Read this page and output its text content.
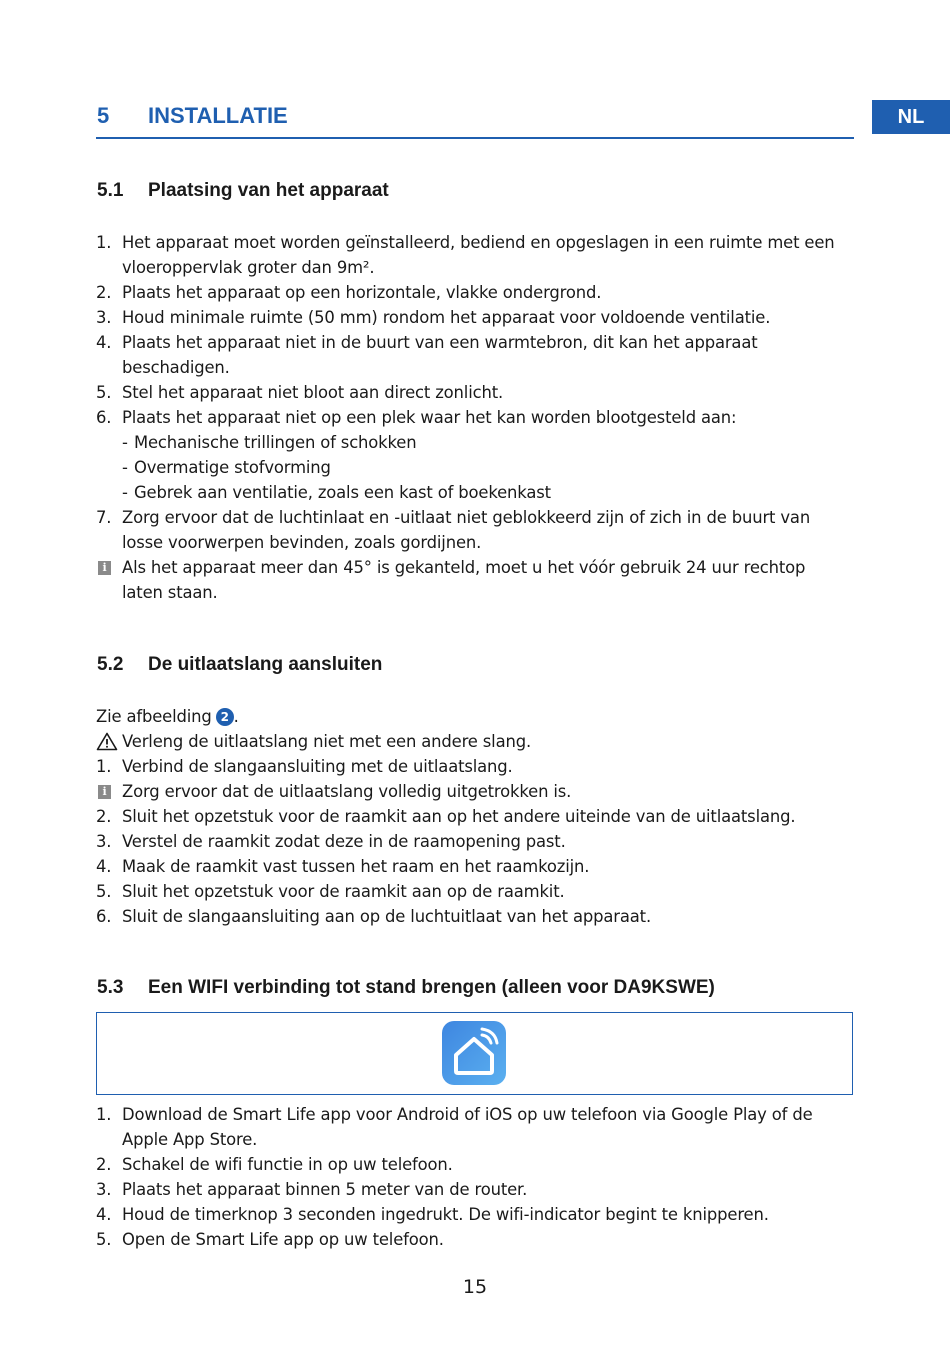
5 INSTALLATIE	NL
5.1 Plaatsing van het apparaat
1. Het apparaat moet worden geïnstalleerd, bediend en opgeslagen in een ruimte met een
vloeroppervlak groter dan 9m².
2. Plaats het apparaat op een horizontale, vlakke ondergrond.
3. Houd minimale ruimte (50 mm) rondom het apparaat voor voldoende ventilatie.
4. Plaats het apparaat niet in de buurt van een warmtebron, dit kan het apparaat
beschadigen.
5. Stel het apparaat niet bloot aan direct zonlicht.
6. Plaats het apparaat niet op een plek waar het kan worden blootgesteld aan:
- Mechanische trillingen of schokken
- Overmatige stofvorming
- Gebrek aan ventilatie, zoals een kast of boekenkast
7. Zorg ervoor dat de luchtinlaat en -uitlaat niet geblokkeerd zijn of zich in de buurt van
losse voorwerpen bevinden, zoals gordijnen.
i Als het apparaat meer dan 45° is gekanteld, moet u het vóór gebruik 24 uur rechtop
laten staan.
5.2 De uitlaatslang aansluiten
Zie afbeelding 2 .
Verleng de uitlaatslang niet met een andere slang.
1. Verbind de slangaansluiting met de uitlaatslang.
i Zorg ervoor dat de uitlaatslang volledig uitgetrokken is.
2. Sluit het opzetstuk voor de raamkit aan op het andere uiteinde van de uitlaatslang.
3. Verstel de raamkit zodat deze in de raamopening past.
4. Maak de raamkit vast tussen het raam en het raamkozijn.
5. Sluit het opzetstuk voor de raamkit aan op de raamkit.
6. Sluit de slangaansluiting aan op de luchtuitlaat van het apparaat.
5.3 Een WIFI verbinding tot stand brengen (alleen voor DA9KSWE)
1. Download de Smart Life app voor Android of iOS op uw telefoon via Google Play of de
Apple App Store.
2. Schakel de wifi functie in op uw telefoon.
3. Plaats het apparaat binnen 5 meter van de router.
4. Houd de timerknop 3 seconden ingedrukt. De wifi-indicator begint te knipperen.
5. Open de Smart Life app op uw telefoon.
15
